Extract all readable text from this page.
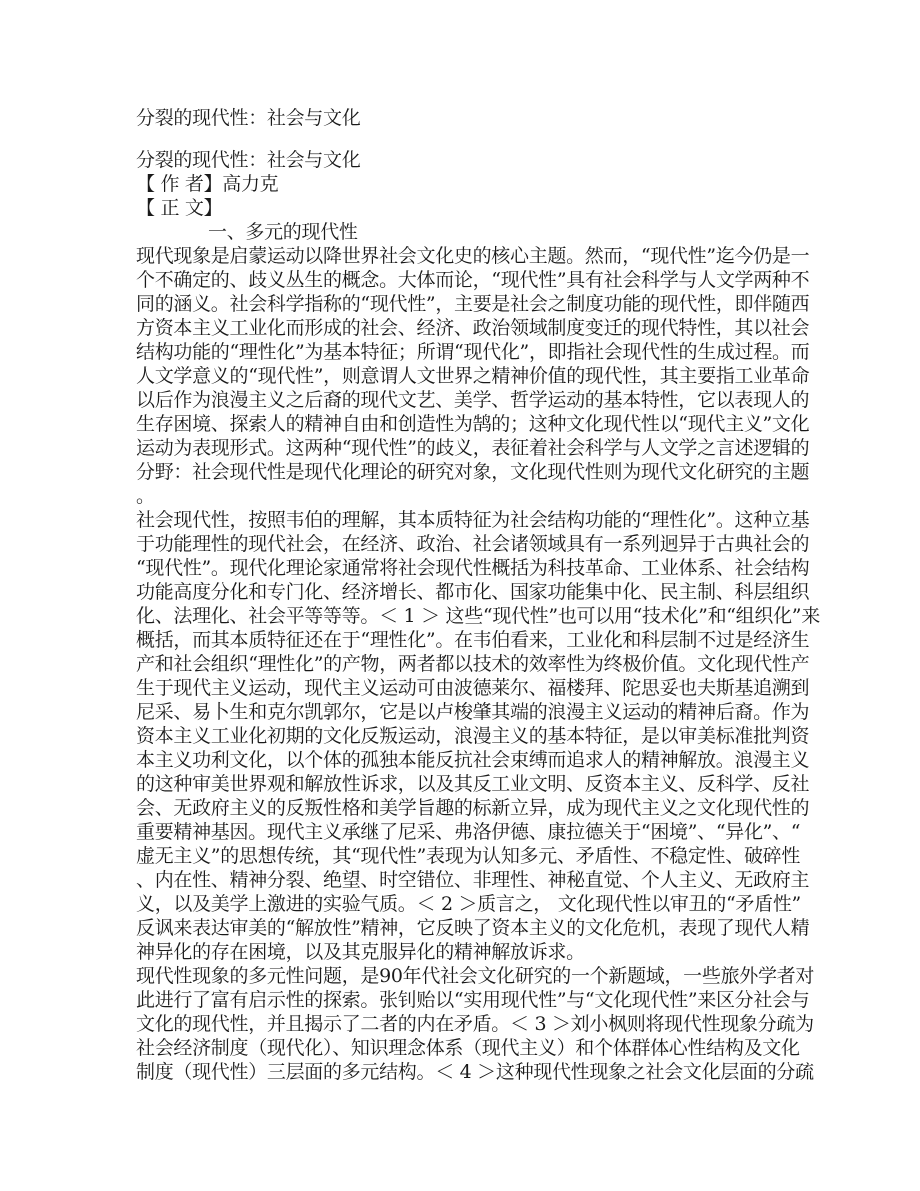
分裂的现代性：社会与文化
分裂的现代性：社会与文化
【 作 者】高力克
【 正 文】
一、多元的现代性
现代现象是启蒙运动以降世界社会文化史的核心主题。然而，“现代性”迄今仍是一
个不确定的、歧义丛生的概念。大体而论，“现代性”具有社会科学与人文学两种不
同的涵义。社会科学指称的“现代性”，主要是社会之制度功能的现代性，即伴随西
方资本主义工业化而形成的社会、经济、政治领域制度变迁的现代特性，其以社会
结构功能的“理性化”为基本特征；所谓“现代化”，即指社会现代性的生成过程。而
人文学意义的“现代性”，则意谓人文世界之精神价值的现代性，其主要指工业革命
以后作为浪漫主义之后裔的现代文艺、美学、哲学运动的基本特性，它以表现人的
生存困境、探索人的精神自由和创造性为鹄的；这种文化现代性以“现代主义”文化
运动为表现形式。这两种“现代性”的歧义，表征着社会科学与人文学之言述逻辑的
分野：社会现代性是现代化理论的研究对象，文化现代性则为现代文化研究的主题
。
社会现代性，按照韦伯的理解，其本质特征为社会结构功能的“理性化”。这种立基
于功能理性的现代社会，在经济、政治、社会诸领域具有一系列迥异于古典社会的
“现代性”。现代化理论家通常将社会现代性概括为科技革命、工业体系、社会结构
功能高度分化和专门化、经济增长、都市化、国家功能集中化、民主制、科层组织
化、法理化、社会平等等等。＜ 1 ＞ 这些“现代性”也可以用“技术化”和“组织化”来
概括，而其本质特征还在于“理性化”。在韦伯看来，工业化和科层制不过是经济生
产和社会组织“理性化”的产物，两者都以技术的效率性为终极价值。文化现代性产
生于现代主义运动，现代主义运动可由波德莱尔、福楼拜、陀思妥也夫斯基追溯到
尼采、易卜生和克尔凯郭尔，它是以卢梭肇其端的浪漫主义运动的精神后裔。作为
资本主义工业化初期的文化反叛运动，浪漫主义的基本特征，是以审美标准批判资
本主义功利文化，以个体的孤独本能反抗社会束缚而追求人的精神解放。浪漫主义
的这种审美世界观和解放性诉求，以及其反工业文明、反资本主义、反科学、反社
会、无政府主义的反叛性格和美学旨趣的标新立异，成为现代主义之文化现代性的
重要精神基因。现代主义承继了尼采、弗洛伊德、康拉德关于“困境”、“异化”、“
虚无主义”的思想传统，其“现代性”表现为认知多元、矛盾性、不稳定性、破碎性
、内在性、精神分裂、绝望、时空错位、非理性、神秘直觉、个人主义、无政府主
义，以及美学上激进的实验气质。＜ 2 ＞质言之， 文化现代性以审丑的“矛盾性”
反讽来表达审美的“解放性”精神，它反映了资本主义的文化危机，表现了现代人精
神异化的存在困境，以及其克服异化的精神解放诉求。
现代性现象的多元性问题，是90年代社会文化研究的一个新题域，一些旅外学者对
此进行了富有启示性的探索。张钊贻以“实用现代性”与“文化现代性”来区分社会与
文化的现代性，并且揭示了二者的内在矛盾。＜ 3 ＞刘小枫则将现代性现象分疏为
社会经济制度（现代化）、知识理念体系（现代主义）和个体群体心性结构及文化
制度（现代性）三层面的多元结构。＜ 4 ＞这种现代性现象之社会文化层面的分疏
